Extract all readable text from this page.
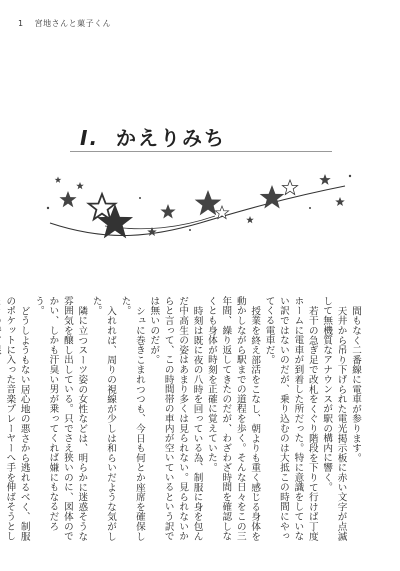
1 宮地さんと菓子くん
I. かえりみち

間もなく二番線に電車が参ります。

天井から吊り下げられた電光掲示板に赤い文字が点滅して無機質なアナウンスが駅の構内に響く。

若干の急ぎ足で改札をくぐり階段を下りて行けば丁度ホームに電車が到着した所だった。特に意識をしていない訳ではないのだが、乗り込むのは大抵この時間にやってくる電車だ。

授業を終え部活をこなし、朝よりも重く感じる身体を動かしながら駅までの道程を歩く。そんな日々をこの三年間、繰り返してきたのだが、わざわざ時間を確認しなくとも身体が時刻を正確に覚えていた。

時刻は既に夜の八時を回っている為、制服に身を包んだ中高生の姿はあまり多くは見られない。見られないからと言って、この時間帯の車内が空いているという訳では無いのだが。

シュに巻きこまれつつも、今日も何とか座席を確保した。

入れれば、周りの視線が少しは和らいだような気がした。

隣に立つスーツ姿の女性などは、明らかに迷惑そうな雰囲気を醸し出している。只でさえ狭いのに、図体のでかい、しかも汗臭い男が乗ってくれば嫌にもなるだろう。

どうしようもない居心地の悪さから逃れるべく、制服のポケットに入った音楽プレーヤーへ手を伸ばそうとし
